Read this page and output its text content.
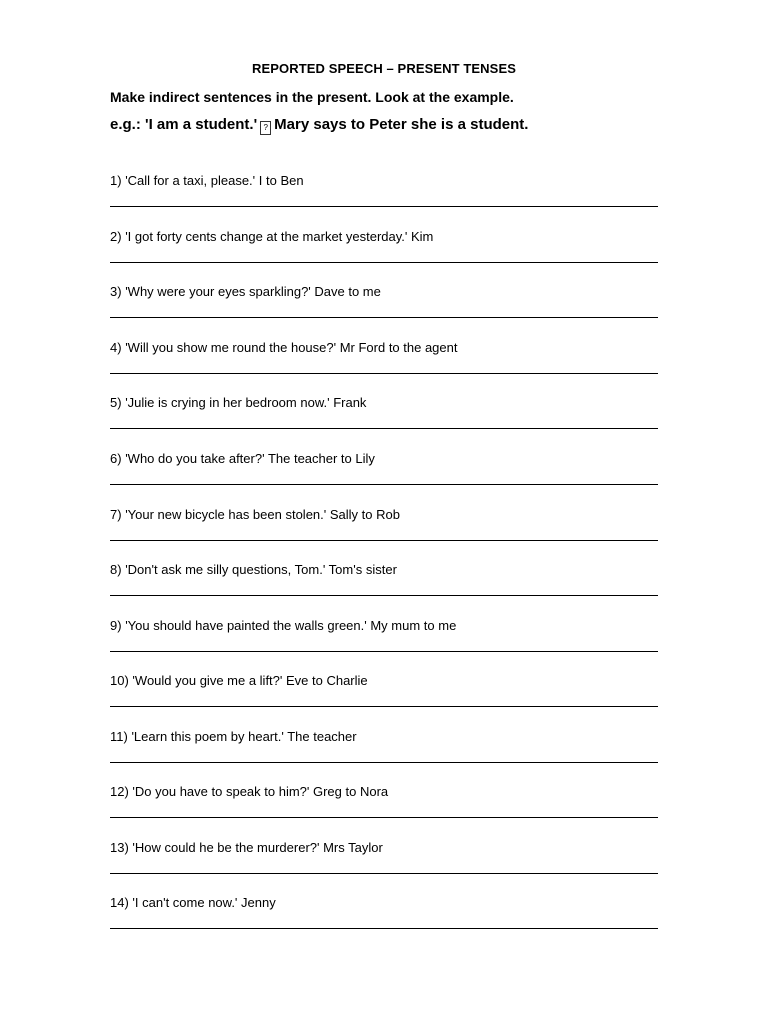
REPORTED SPEECH – PRESENT TENSES
Make indirect sentences in the present. Look at the example.
e.g.: 'I am a student.' ? Mary says to Peter she is a student.
1) 'Call for a taxi, please.' I to Ben
2) 'I got forty cents change at the market yesterday.' Kim
3) 'Why were your eyes sparkling?' Dave to me
4) 'Will you show me round the house?' Mr Ford to the agent
5) 'Julie is crying in her bedroom now.' Frank
6) 'Who do you take after?' The teacher to Lily
7) 'Your new bicycle has been stolen.' Sally to Rob
8) 'Don't ask me silly questions, Tom.' Tom's sister
9) 'You should have painted the walls green.' My mum to me
10) 'Would you give me a lift?' Eve to Charlie
11) 'Learn this poem by heart.' The teacher
12) 'Do you have to speak to him?' Greg to Nora
13) 'How could he be the murderer?' Mrs Taylor
14) 'I can't come now.' Jenny
